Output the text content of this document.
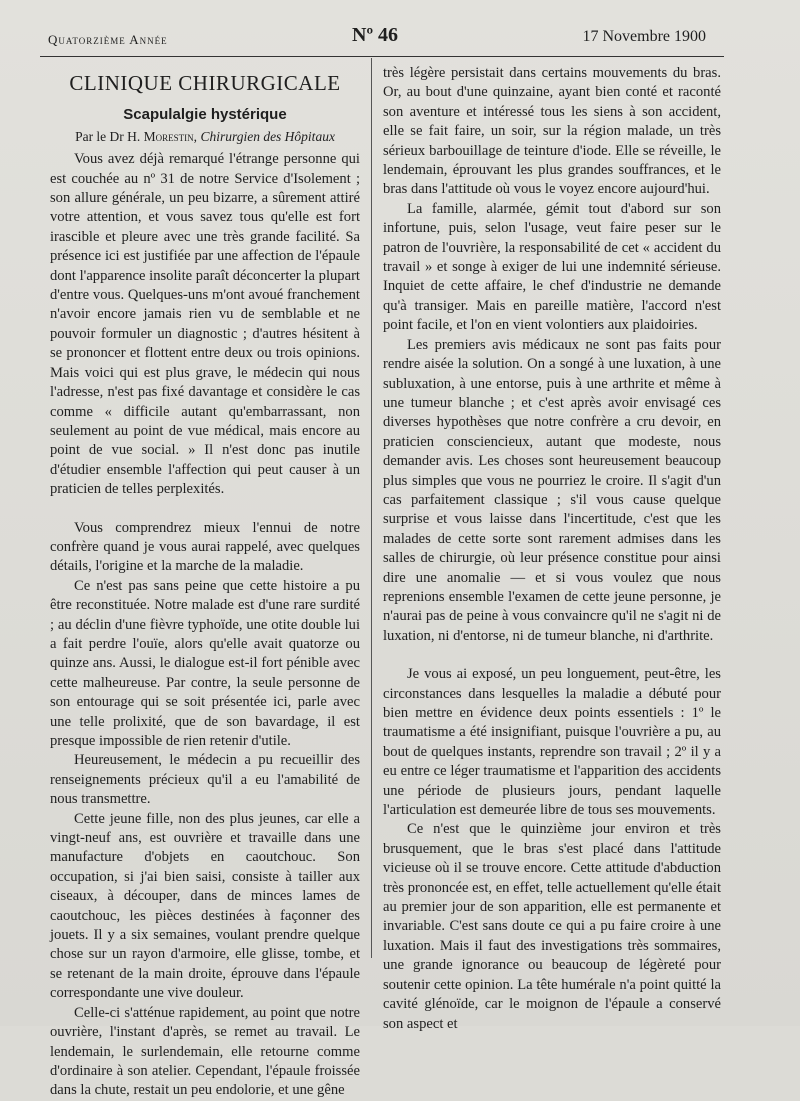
Quatorzième Année	Nº 46	17 Novembre 1900
CLINIQUE CHIRURGICALE
Scapulalgie hystérique
Par le Dr H. Morestin, Chirurgien des Hôpitaux

Vous avez déjà remarqué l'étrange personne qui est couchée au nº 31 de notre Service d'Isolement ; son allure générale, un peu bizarre, a sûrement attiré votre attention, et vous savez tous qu'elle est fort irascible et pleure avec une très grande facilité. Sa présence ici est justifiée par une affection de l'épaule dont l'apparence insolite paraît déconcerter la plupart d'entre vous. Quelques-uns m'ont avoué franchement n'avoir encore jamais rien vu de semblable et ne pouvoir formuler un diagnostic ; d'autres hésitent à se prononcer et flottent entre deux ou trois opinions. Mais voici qui est plus grave, le médecin qui nous l'adresse, n'est pas fixé davantage et considère le cas comme « difficile autant qu'embarrassant, non seulement au point de vue médical, mais encore au point de vue social. » Il n'est donc pas inutile d'étudier ensemble l'affection qui peut causer à un praticien de telles perplexités.

Vous comprendrez mieux l'ennui de notre confrère quand je vous aurai rappelé, avec quelques détails, l'origine et la marche de la maladie.

Ce n'est pas sans peine que cette histoire a pu être reconstituée. Notre malade est d'une rare surdité ; au déclin d'une fièvre typhoïde, une otite double lui a fait perdre l'ouïe, alors qu'elle avait quatorze ou quinze ans. Aussi, le dialogue est-il fort pénible avec cette malheureuse. Par contre, la seule personne de son entourage qui se soit présentée ici, parle avec une telle prolixité, que de son bavardage, il est presque impossible de rien retenir d'utile.

Heureusement, le médecin a pu recueillir des renseignements précieux qu'il a eu l'amabilité de nous transmettre.

Cette jeune fille, non des plus jeunes, car elle a vingt-neuf ans, est ouvrière et travaille dans une manufacture d'objets en caoutchouc. Son occupation, si j'ai bien saisi, consiste à tailler aux ciseaux, à découper, dans de minces lames de caoutchouc, les pièces destinées à façonner des jouets. Il y a six semaines, voulant prendre quelque chose sur un rayon d'armoire, elle glisse, tombe, et se retenant de la main droite, éprouve dans l'épaule correspondante une vive douleur.

Celle-ci s'atténue rapidement, au point que notre ouvrière, l'instant d'après, se remet au travail. Le lendemain, le surlendemain, elle retourne comme d'ordinaire à son atelier. Cependant, l'épaule froissée dans la chute, restait un peu endolorie, et une gêne

très légère persistait dans certains mouvements du bras. Or, au bout d'une quinzaine, ayant bien conté et raconté son aventure et intéressé tous les siens à son accident, elle se fait faire, un soir, sur la région malade, un très sérieux barbouillage de teinture d'iode. Elle se réveille, le lendemain, éprouvant les plus grandes souffrances, et le bras dans l'attitude où vous le voyez encore aujourd'hui.

La famille, alarmée, gémit tout d'abord sur son infortune, puis, selon l'usage, veut faire peser sur le patron de l'ouvrière, la responsabilité de cet « accident du travail » et songe à exiger de lui une indemnité sérieuse. Inquiet de cette affaire, le chef d'industrie ne demande qu'à transiger. Mais en pareille matière, l'accord n'est point facile, et l'on en vient volontiers aux plaidoiries.

Les premiers avis médicaux ne sont pas faits pour rendre aisée la solution. On a songé à une luxation, à une subluxation, à une entorse, puis à une arthrite et même à une tumeur blanche ; et c'est après avoir envisagé ces diverses hypothèses que notre confrère a cru devoir, en praticien consciencieux, autant que modeste, nous demander avis. Les choses sont heureusement beaucoup plus simples que vous ne pourriez le croire. Il s'agit d'un cas parfaitement classique ; s'il vous cause quelque surprise et vous laisse dans l'incertitude, c'est que les malades de cette sorte sont rarement admises dans les salles de chirurgie, où leur présence constitue pour ainsi dire une anomalie — et si vous voulez que nous reprenions ensemble l'examen de cette jeune personne, je n'aurai pas de peine à vous convaincre qu'il ne s'agit ni de luxation, ni d'entorse, ni de tumeur blanche, ni d'arthrite.

Je vous ai exposé, un peu longuement, peut-être, les circonstances dans lesquelles la maladie a débuté pour bien mettre en évidence deux points essentiels : 1º le traumatisme a été insignifiant, puisque l'ouvrière a pu, au bout de quelques instants, reprendre son travail ; 2º il y a eu entre ce léger traumatisme et l'apparition des accidents une période de plusieurs jours, pendant laquelle l'articulation est demeurée libre de tous ses mouvements.

Ce n'est que le quinzième jour environ et très brusquement, que le bras s'est placé dans l'attitude vicieuse où il se trouve encore. Cette attitude d'abduction très prononcée est, en effet, telle actuellement qu'elle était au premier jour de son apparition, elle est permanente et invariable. C'est sans doute ce qui a pu faire croire à une luxation. Mais il faut des investigations très sommaires, une grande ignorance ou beaucoup de légèreté pour soutenir cette opinion. La tête humérale n'a point quitté la cavité glénoïde, car le moignon de l'épaule a conservé son aspect et
